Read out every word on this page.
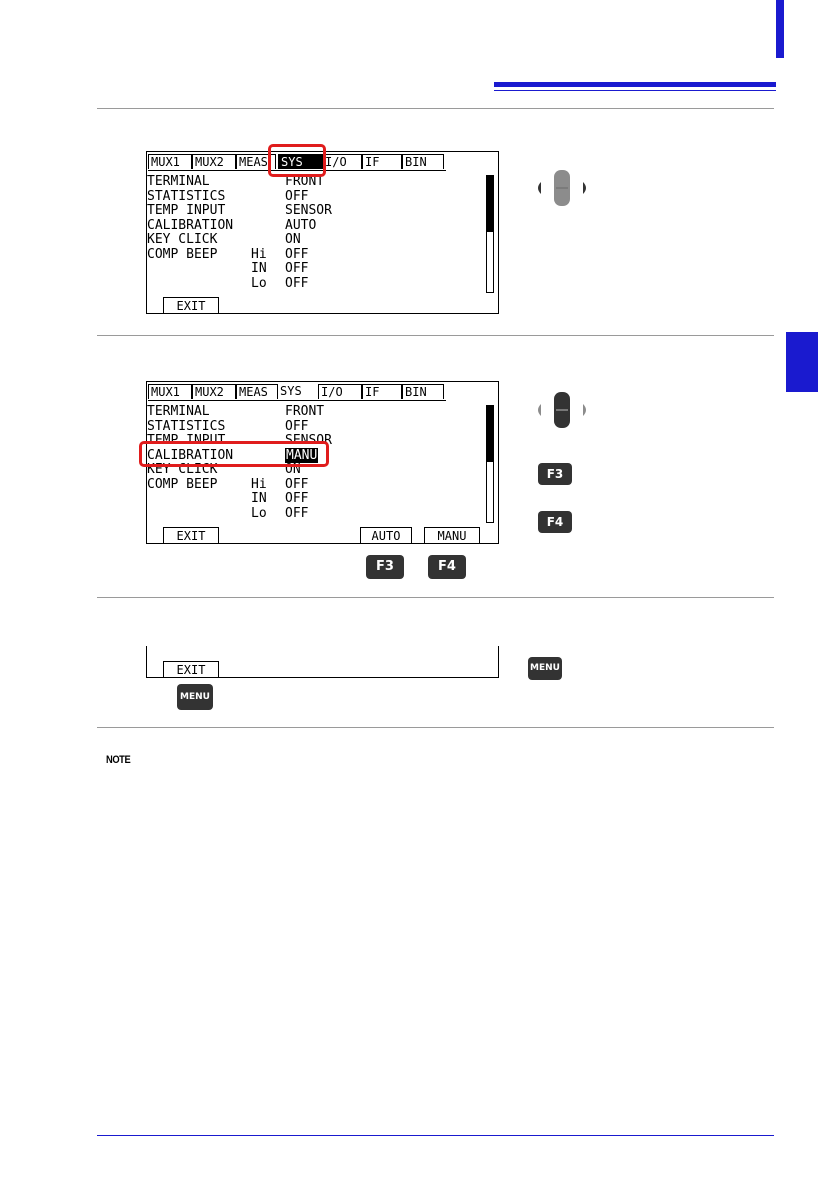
MUX1	MUX2	MEAS	SYS	I/O	IF	BIN
TERMINAL	FRONT
STATISTICS	OFF
TEMP INPUT	SENSOR
CALIBRATION	AUTO
KEY CLICK	ON
COMP BEEP	Hi OFF
IN OFF
Lo OFF
EXIT
MUX1	MUX2	MEAS	SYS	I/O	IF	BIN
TERMINAL	FRONT
STATISTICS	OFF
TEMP INPUT	SENSOR
CALIBRATION	MANU
KEY CLICK	ON
COMP BEEP	Hi OFF
IN OFF
Lo OFF
EXIT	AUTO	MANU
F3	F4
F3
F4
EXIT	MENU
MENU
NOTE
